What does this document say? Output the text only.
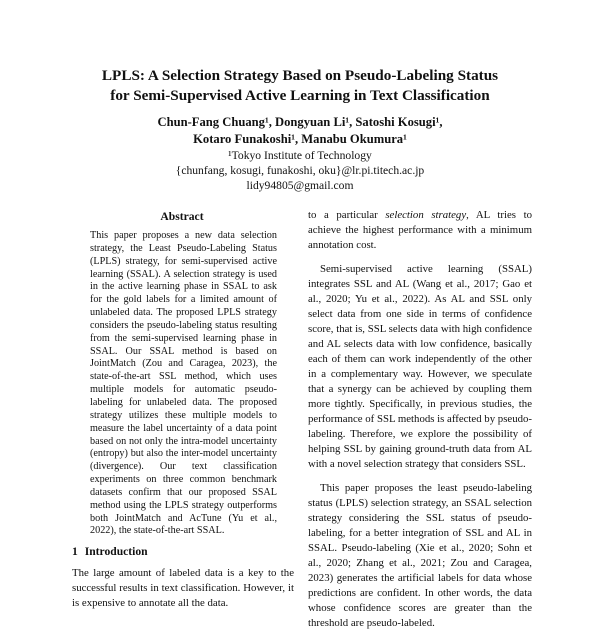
LPLS: A Selection Strategy Based on Pseudo-Labeling Status
for Semi-Supervised Active Learning in Text Classification
Chun-Fang Chuang¹, Dongyuan Li¹, Satoshi Kosugi¹,
Kotaro Funakoshi¹, Manabu Okumura¹
¹Tokyo Institute of Technology
{chunfang, kosugi, funakoshi, oku}@lr.pi.titech.ac.jp
lidy94805@gmail.com
Abstract
This paper proposes a new data selection strategy, the Least Pseudo-Labeling Status (LPLS) strategy, for semi-supervised active learning (SSAL). A selection strategy is used in the active learning phase in SSAL to ask for the gold labels for a limited amount of unlabeled data. The proposed LPLS strategy considers the pseudo-labeling status resulting from the semi-supervised learning phase in SSAL. Our SSAL method is based on JointMatch (Zou and Caragea, 2023), the state-of-the-art SSL method, which uses multiple models for automatic pseudo-labeling for unlabeled data. The proposed strategy utilizes these multiple models to measure the label uncertainty of a data point based on not only the intra-model uncertainty (entropy) but also the inter-model uncertainty (divergence). Our text classification experiments on three common benchmark datasets confirm that our proposed SSAL method using the LPLS strategy outperforms both JointMatch and AcTune (Yu et al., 2022), the state-of-the-art SSAL.
1 Introduction
The large amount of labeled data is a key to the successful results in text classification. However, it is expensive to annotate all the data.

to a particular selection strategy, AL tries to achieve the highest performance with a minimum annotation cost.

Semi-supervised active learning (SSAL) integrates SSL and AL (Wang et al., 2017; Gao et al., 2020; Yu et al., 2022). As AL and SSL only select data from one side in terms of confidence score, that is, SSL selects data with high confidence and AL selects data with low confidence, basically each of them can work independently of the other in a complementary way. However, we speculate that a synergy can be achieved by coupling them more tightly. Specifically, in previous studies, the performance of SSL methods is affected by pseudo-labeling. Therefore, we explore the possibility of helping SSL by gaining ground-truth data from AL with a novel selection strategy that considers SSL.

This paper proposes the least pseudo-labeling status (LPLS) selection strategy, an SSAL selection strategy considering the SSL status of pseudo-labeling, for a better integration of SSL and AL in SSAL. Pseudo-labeling (Xie et al., 2020; Sohn et al., 2020; Zhang et al., 2021; Zou and Caragea, 2023) generates the artificial labels for data whose predictions are confident. In other words, the data whose confidence scores are greater than the threshold are pseudo-labeled.
